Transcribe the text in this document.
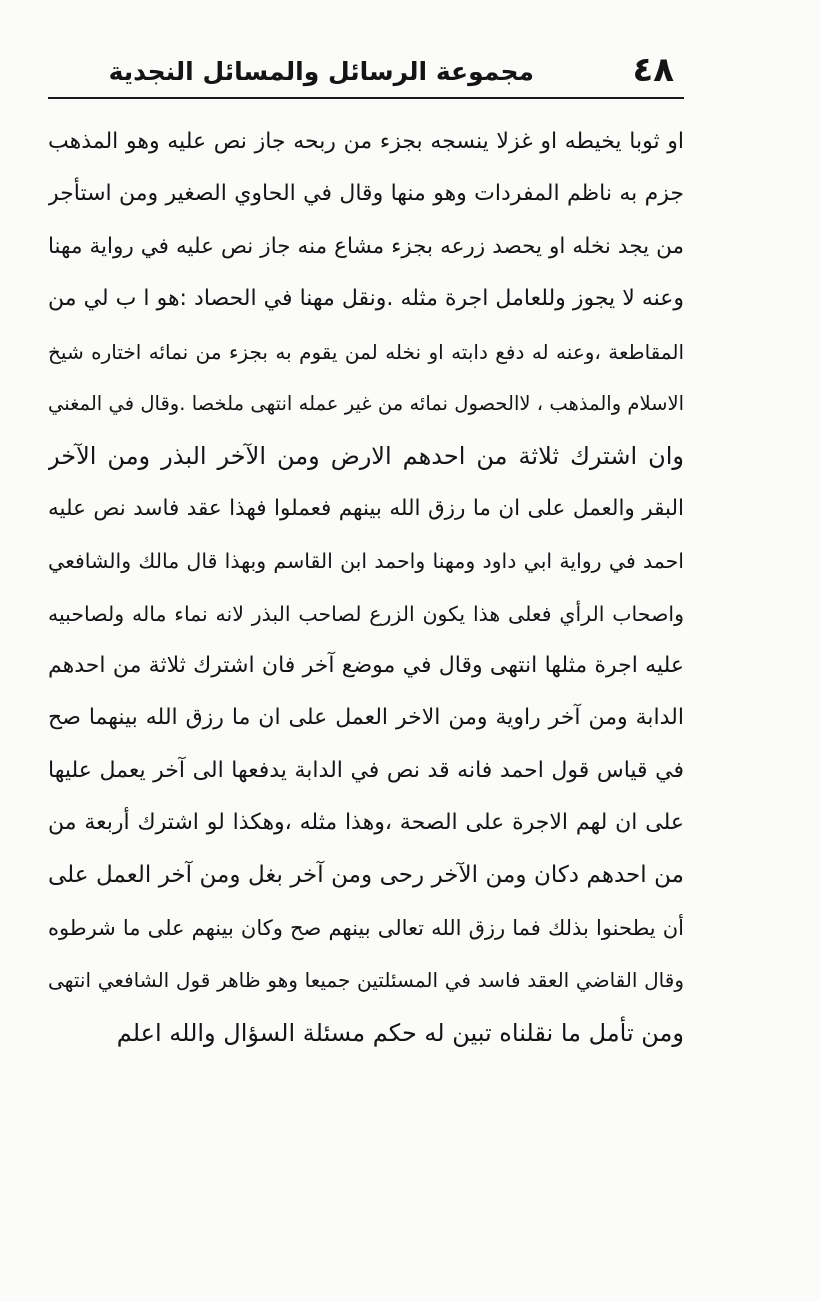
٤٨
مجموعة الرسائل والمسائل النجدية
او ثوبا يخيطه او غزلا ينسجه بجزء من ربحه جاز نص عليه وهو المذهب
جزم به ناظم المفردات وهو منها وقال في الحاوي الصغير ومن استأجر
من يجد نخله او يحصد زرعه بجزء مشاع منه جاز نص عليه في رواية مهنا
وعنه لا يجوز وللعامل اجرة مثله .ونقل مهنا في الحصاد :هو ا ب لي من
المقاطعة ،وعنه له دفع دابته او نخله لمن يقوم به بجزء من نمائه اختاره شيخ
الاسلام والمذهب ، لاالحصول نمائه من غير عمله انتهى ملخصا .وقال في المغني
وان اشترك ثلاثة من احدهم الارض ومن الآخر البذر ومن الآخر
البقر والعمل على ان ما رزق الله بينهم فعملوا فهذا عقد فاسد نص عليه
احمد في رواية ابي داود ومهنا واحمد ابن القاسم وبهذا قال مالك والشافعي
واصحاب الرأي فعلى هذا يكون الزرع لصاحب البذر لانه نماء ماله ولصاحبيه
عليه اجرة مثلها انتهى وقال في موضع آخر فان اشترك ثلاثة من احدهم
الدابة ومن آخر راوية ومن الاخر العمل على ان ما رزق الله بينهما صح
في قياس قول احمد فانه قد نص في الدابة يدفعها الى آخر يعمل عليها
على ان لهم الاجرة على الصحة ،وهذا مثله ،وهكذا لو اشترك أربعة من
من احدهم دكان ومن الآخر رحى ومن آخر بغل ومن آخر العمل على
أن يطحنوا بذلك فما رزق الله تعالى بينهم صح وكان بينهم على ما شرطوه
وقال القاضي العقد فاسد في المسئلتين جميعا وهو ظاهر قول الشافعي انتهى
ومن تأمل ما نقلناه تبين له حكم مسئلة السؤال والله اعلم
